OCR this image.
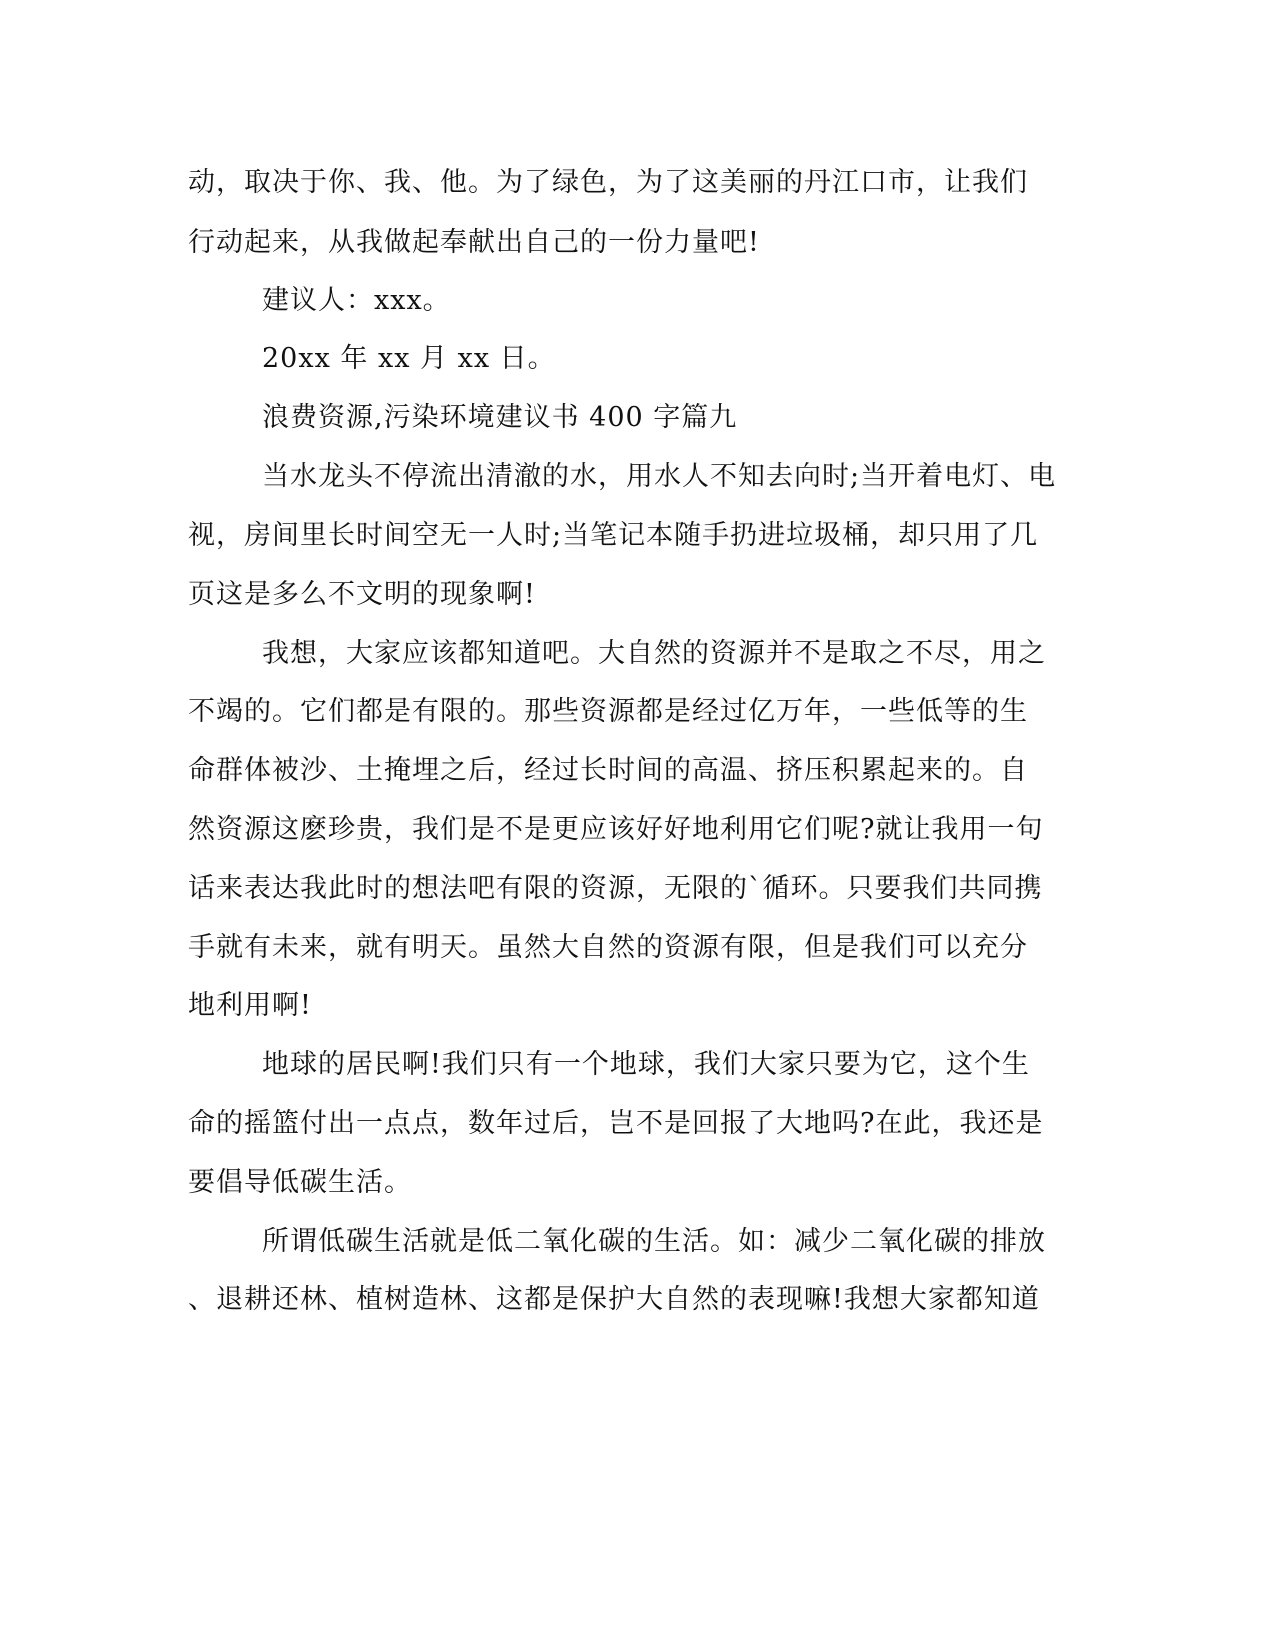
动，取决于你、我、他。为了绿色，为了这美丽的丹江口市，让我们

行动起来，从我做起奉献出自己的一份力量吧!

建议人：xxx。

20xx 年 xx 月 xx 日。

浪费资源,污染环境建议书 400 字篇九

当水龙头不停流出清澈的水，用水人不知去向时;当开着电灯、电

视，房间里长时间空无一人时;当笔记本随手扔进垃圾桶，却只用了几

页这是多么不文明的现象啊!

我想，大家应该都知道吧。大自然的资源并不是取之不尽，用之

不竭的。它们都是有限的。那些资源都是经过亿万年，一些低等的生

命群体被沙、土掩埋之后，经过长时间的高温、挤压积累起来的。自

然资源这麽珍贵，我们是不是更应该好好地利用它们呢?就让我用一句

话来表达我此时的想法吧有限的资源，无限的`循环。只要我们共同携

手就有未来，就有明天。虽然大自然的资源有限，但是我们可以充分

地利用啊!

地球的居民啊!我们只有一个地球，我们大家只要为它，这个生

命的摇篮付出一点点，数年过后，岂不是回报了大地吗?在此，我还是

要倡导低碳生活。

所谓低碳生活就是低二氧化碳的生活。如：减少二氧化碳的排放

、退耕还林、植树造林、这都是保护大自然的表现嘛!我想大家都知道
